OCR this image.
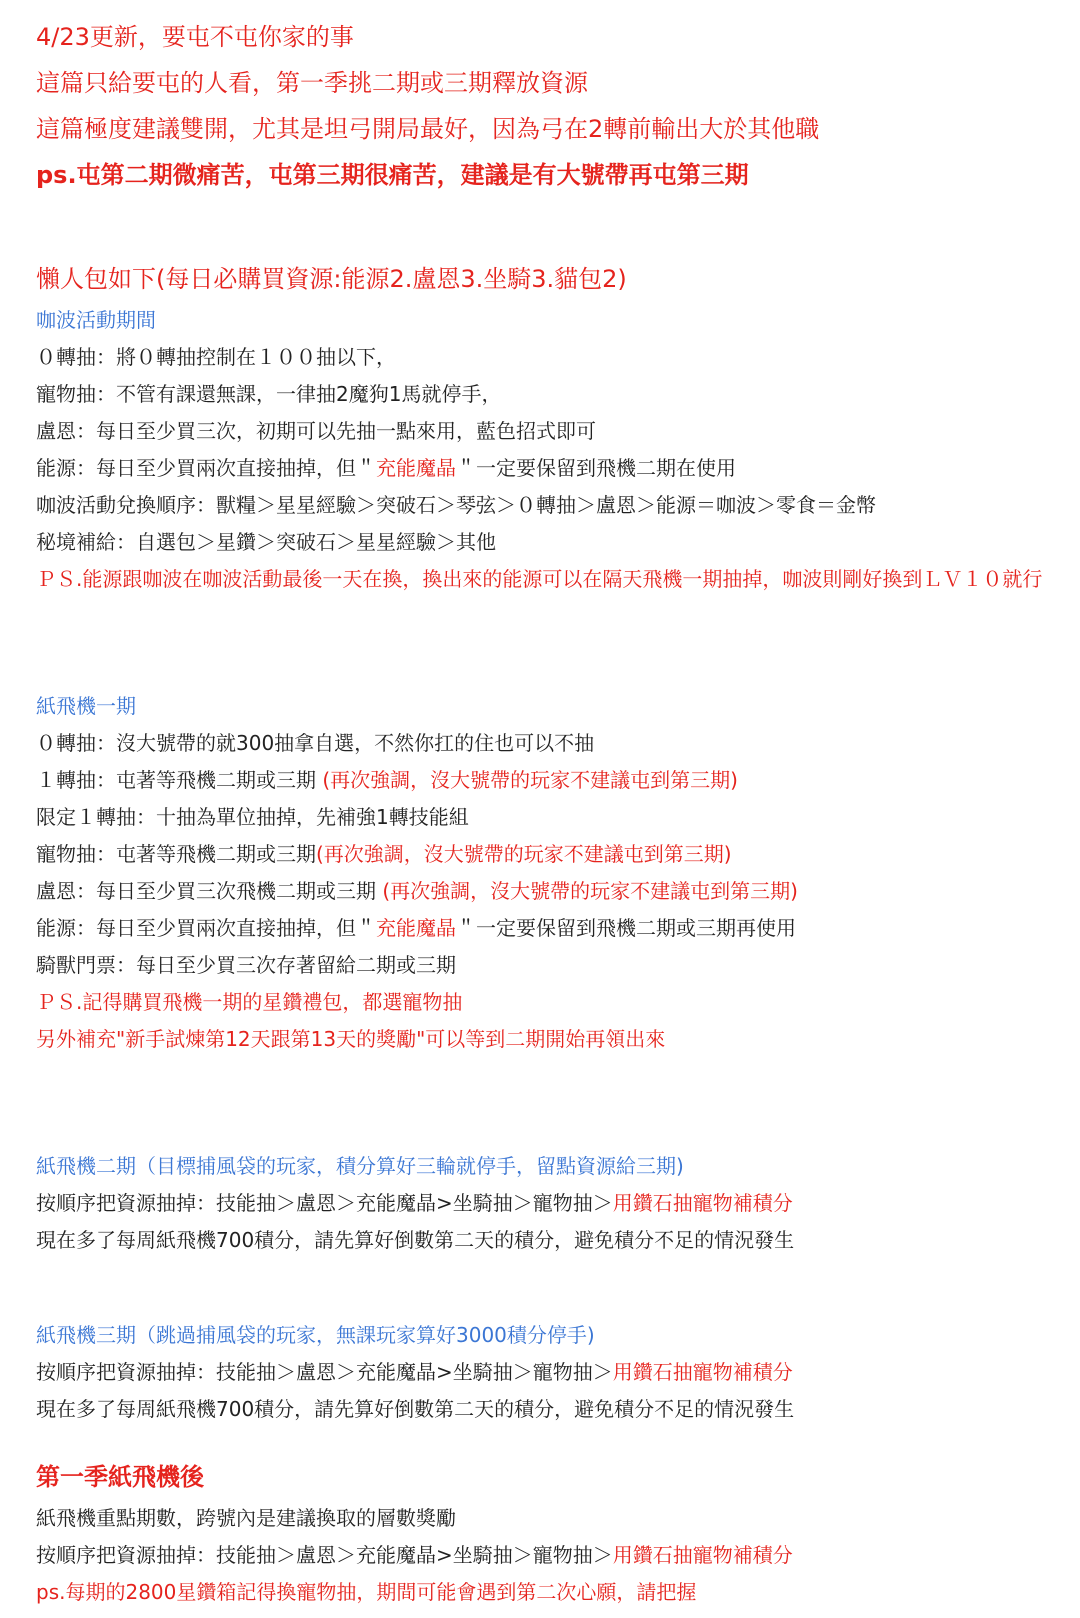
4/23更新，要屯不屯你家的事

這篇只給要屯的人看，第一季挑二期或三期釋放資源

這篇極度建議雙開，尤其是坦弓開局最好，因為弓在2轉前輸出大於其他職

ps.屯第二期微痛苦，屯第三期很痛苦，建議是有大號帶再屯第三期

懶人包如下(每日必購買資源:能源2.盧恩3.坐騎3.貓包2)

咖波活動期間

０轉抽：將０轉抽控制在１００抽以下，

寵物抽：不管有課還無課，一律抽2魔狗1馬就停手，

盧恩：每日至少買三次，初期可以先抽一點來用，藍色招式即可

能源：每日至少買兩次直接抽掉，但＂充能魔晶＂一定要保留到飛機二期在使用

咖波活動兌換順序：獸糧＞星星經驗＞突破石＞琴弦＞０轉抽＞盧恩＞能源＝咖波＞零食＝金幣

秘境補給：自選包＞星鑽＞突破石＞星星經驗＞其他

ＰＳ.能源跟咖波在咖波活動最後一天在換，換出來的能源可以在隔天飛機一期抽掉，咖波則剛好換到ＬＶ１０就行

紙飛機一期

０轉抽：沒大號帶的就300抽拿自選，不然你扛的住也可以不抽

１轉抽：屯著等飛機二期或三期 (再次強調，沒大號帶的玩家不建議屯到第三期)

限定１轉抽：十抽為單位抽掉，先補強1轉技能組

寵物抽：屯著等飛機二期或三期(再次強調，沒大號帶的玩家不建議屯到第三期)

盧恩：每日至少買三次飛機二期或三期 (再次強調，沒大號帶的玩家不建議屯到第三期)

能源：每日至少買兩次直接抽掉，但＂充能魔晶＂一定要保留到飛機二期或三期再使用

騎獸門票：每日至少買三次存著留給二期或三期

ＰＳ.記得購買飛機一期的星鑽禮包，都選寵物抽

另外補充"新手試煉第12天跟第13天的獎勵"可以等到二期開始再領出來

紙飛機二期（目標捕風袋的玩家，積分算好三輪就停手，留點資源給三期)

按順序把資源抽掉：技能抽＞盧恩＞充能魔晶>坐騎抽＞寵物抽＞用鑽石抽寵物補積分

現在多了每周紙飛機700積分，請先算好倒數第二天的積分，避免積分不足的情況發生

紙飛機三期（跳過捕風袋的玩家，無課玩家算好3000積分停手)

按順序把資源抽掉：技能抽＞盧恩＞充能魔晶>坐騎抽＞寵物抽＞用鑽石抽寵物補積分

現在多了每周紙飛機700積分，請先算好倒數第二天的積分，避免積分不足的情況發生

第一季紙飛機後

紙飛機重點期數，跨號內是建議換取的層數獎勵

按順序把資源抽掉：技能抽＞盧恩＞充能魔晶>坐騎抽＞寵物抽＞用鑽石抽寵物補積分

ps.每期的2800星鑽箱記得換寵物抽，期間可能會遇到第二次心願，請把握
